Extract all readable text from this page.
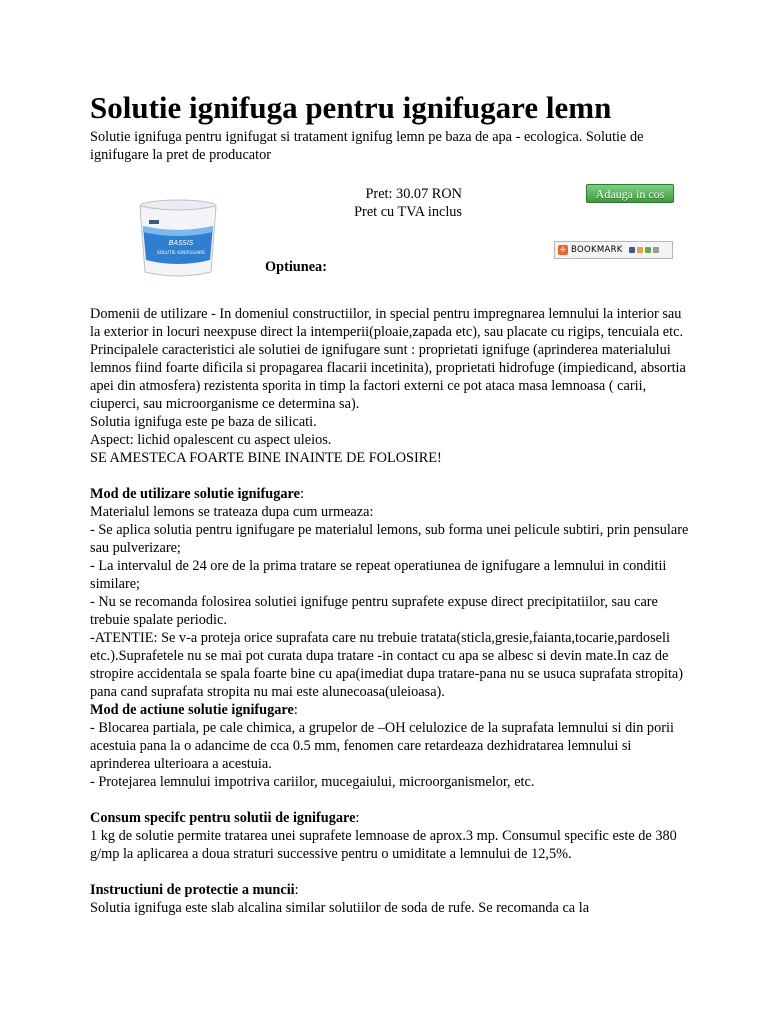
Solutie ignifuga pentru ignifugare lemn

Solutie ignifuga pentru ignifugat si tratament ignifug lemn pe baza de apa - ecologica. Solutie de ignifugare la pret de producator

BASSIS
SOLUTIE IGNIFUGARE
Pret: 30.07 RON
Pret cu TVA inclus
Adauga in cos
+ BOOKMARK
Optiunea:

Domenii de utilizare - In domeniul constructiilor, in special pentru impregnarea lemnului la interior sau la exterior in locuri neexpuse direct la intemperii(ploaie,zapada etc), sau placate cu rigips, tencuiala etc. Principalele caracteristici ale solutiei de ignifugare sunt : proprietati ignifuge (aprinderea materialului lemnos fiind foarte dificila si propagarea flacarii incetinita), proprietati hidrofuge (impiedicand, absortia apei din atmosfera) rezistenta sporita in timp la factori externi ce pot ataca masa lemnoasa ( carii, ciuperci, sau microorganisme ce determina sa).

Solutia ignifuga este pe baza de silicati.

Aspect: lichid opalescent cu aspect uleios.

SE AMESTECA FOARTE BINE INAINTE DE FOLOSIRE!

Mod de utilizare solutie ignifugare:

Materialul lemons se trateaza dupa cum urmeaza:

- Se aplica solutia pentru ignifugare pe materialul lemons, sub forma unei pelicule subtiri, prin pensulare sau pulverizare;

- La intervalul de 24 ore de la prima tratare se repeat operatiunea de ignifugare a lemnului in conditii similare;

- Nu se recomanda folosirea solutiei ignifuge pentru suprafete expuse direct precipitatiilor, sau care trebuie spalate periodic.

-ATENTIE: Se v-a proteja orice suprafata care nu trebuie tratata(sticla,gresie,faianta,tocarie,pardoseli etc.).Suprafetele nu se mai pot curata dupa tratare -in contact cu apa se albesc si devin mate.In caz de stropire accidentala se spala foarte bine cu apa(imediat dupa tratare-pana nu se usuca suprafata stropita) pana cand suprafata stropita nu mai este alunecoasa(uleioasa).

Mod de actiune solutie ignifugare:

- Blocarea partiala, pe cale chimica, a grupelor de –OH celulozice de la suprafata lemnului si din porii acestuia pana la o adancime de cca 0.5 mm, fenomen care retardeaza dezhidratarea lemnului si aprinderea ulterioara a acestuia.

- Protejarea lemnului impotriva cariilor, mucegaiului, microorganismelor, etc.

Consum specifc pentru solutii de ignifugare:

1 kg de solutie permite tratarea unei suprafete lemnoase de aprox.3 mp. Consumul specific este de 380 g/mp la aplicarea a doua straturi successive pentru o umiditate a lemnului de 12,5%.

Instructiuni de protectie a muncii:

Solutia ignifuga este slab alcalina similar solutiilor de soda de rufe. Se recomanda ca la
